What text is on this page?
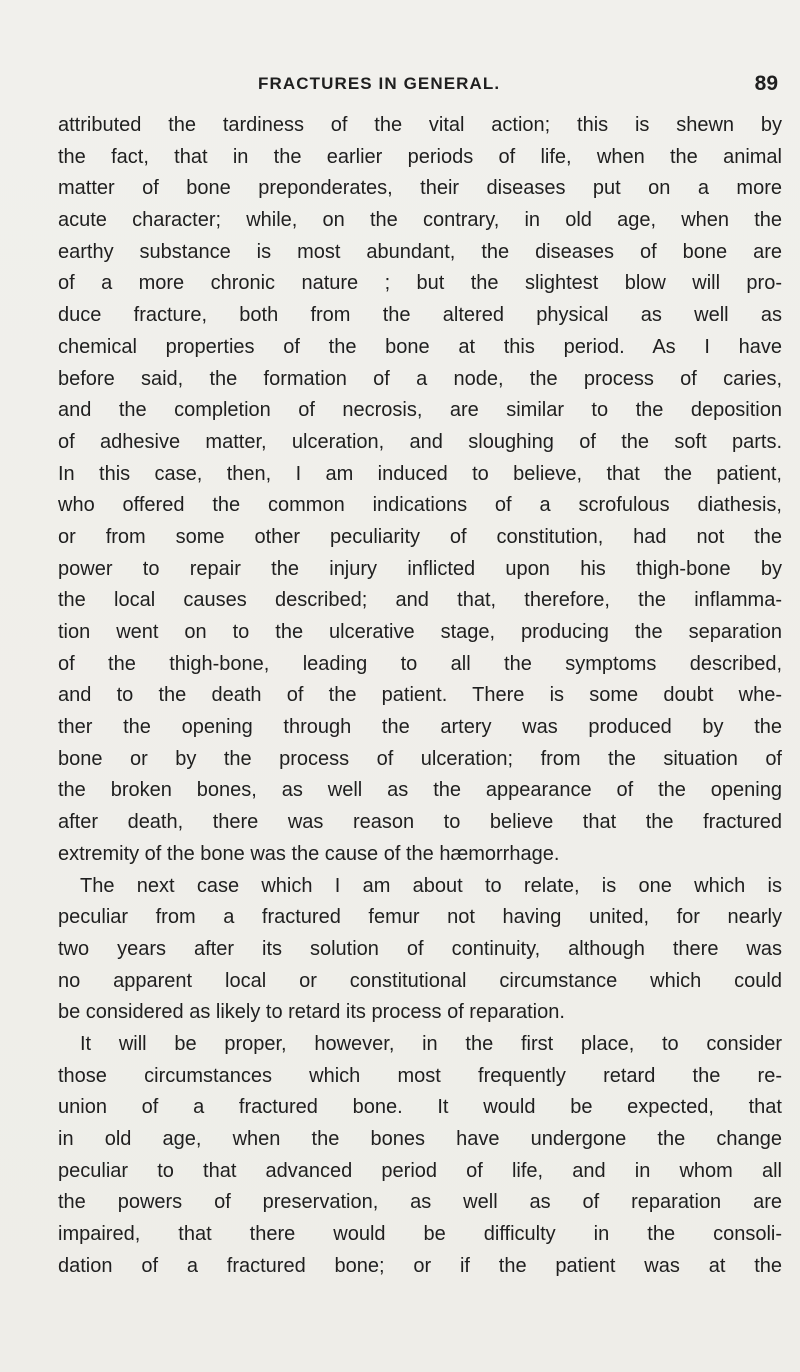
FRACTURES IN GENERAL.	89
attributed the tardiness of the vital action; this is shewn by
the fact, that in the earlier periods of life, when the animal
matter of bone preponderates, their diseases put on a more
acute character; while, on the contrary, in old age, when the
earthy substance is most abundant, the diseases of bone are
of a more chronic nature ; but the slightest blow will pro-
duce fracture, both from the altered physical as well as
chemical properties of the bone at this period. As I have
before said, the formation of a node, the process of caries,
and the completion of necrosis, are similar to the deposition
of adhesive matter, ulceration, and sloughing of the soft parts.
In this case, then, I am induced to believe, that the patient,
who offered the common indications of a scrofulous diathesis,
or from some other peculiarity of constitution, had not the
power to repair the injury inflicted upon his thigh-bone by
the local causes described; and that, therefore, the inflamma-
tion went on to the ulcerative stage, producing the separation
of the thigh-bone, leading to all the symptoms described,
and to the death of the patient. There is some doubt whe-
ther the opening through the artery was produced by the
bone or by the process of ulceration; from the situation of
the broken bones, as well as the appearance of the opening
after death, there was reason to believe that the fractured
extremity of the bone was the cause of the hæmorrhage.
The next case which I am about to relate, is one which is
peculiar from a fractured femur not having united, for nearly
two years after its solution of continuity, although there was
no apparent local or constitutional circumstance which could
be considered as likely to retard its process of reparation.
It will be proper, however, in the first place, to consider
those circumstances which most frequently retard the re-
union of a fractured bone. It would be expected, that
in old age, when the bones have undergone the change
peculiar to that advanced period of life, and in whom all
the powers of preservation, as well as of reparation are
impaired, that there would be difficulty in the consoli-
dation of a fractured bone; or if the patient was at the
